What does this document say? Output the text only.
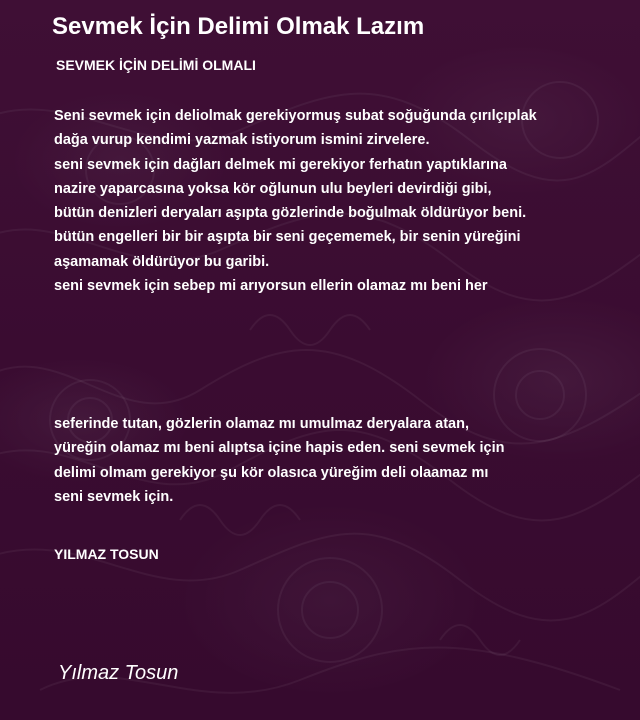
Sevmek İçin Delimi Olmak Lazım
SEVMEK İÇİN DELİMİ OLMALI
Seni sevmek için deliolmak gerekiyormuş subat soğuğunda çırılçıplak
dağa vurup kendimi yazmak istiyorum ismini zirvelere.
seni sevmek için dağları delmek mi gerekiyor ferhatın yaptıklarına
nazire yaparcasına yoksa kör oğlunun ulu beyleri devirdiği gibi,
bütün denizleri deryaları aşıpta gözlerinde boğulmak öldürüyor beni.
bütün engelleri bir bir aşıpta bir seni geçememek, bir senin yüreğini
aşamamak öldürüyor bu garibi.
seni sevmek için sebep mi arıyorsun ellerin olamaz mı beni her
seferinde tutan, gözlerin olamaz mı umulmaz deryalara atan,
yüreğin olamaz mı beni alıptsa içine hapis eden. seni sevmek için
delimi olmam gerekiyor şu kör olasıca yüreğim deli olaamaz mı
seni sevmek için.

YILMAZ TOSUN

Yılmaz Tosun
